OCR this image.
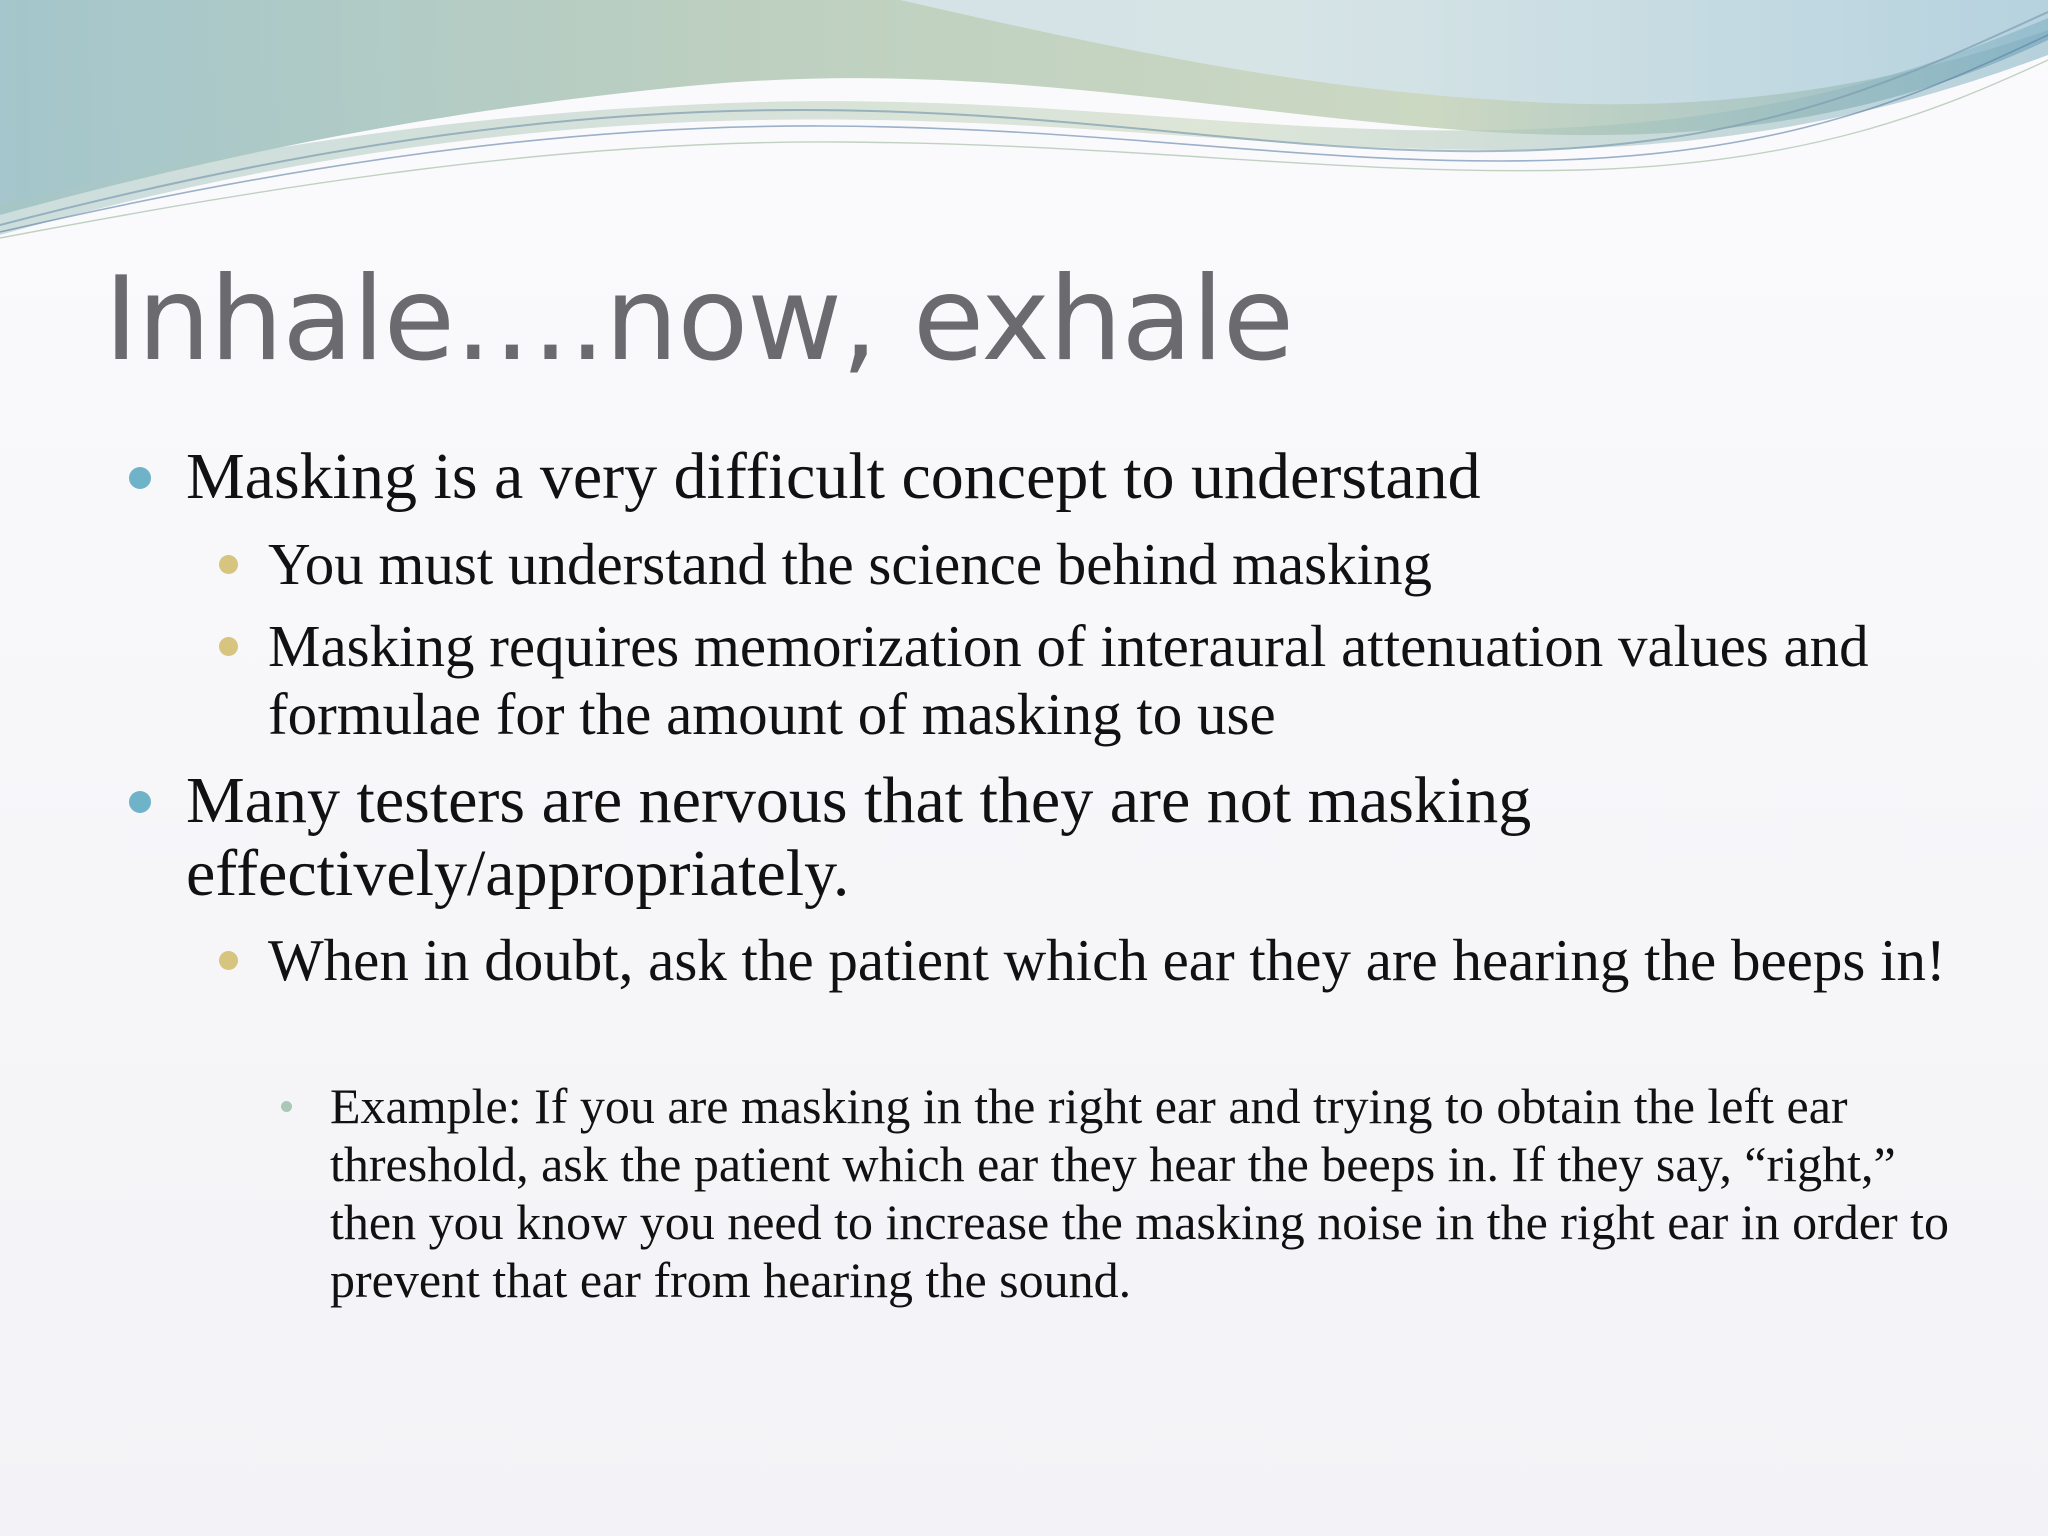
Inhale….now, exhale
Masking is a very difficult concept to understand
You must understand the science behind masking
Masking requires memorization of interaural attenuation values and formulae for the amount of masking to use
Many testers are nervous that they are not masking effectively/appropriately.
When in doubt, ask the patient which ear they are hearing the beeps in!
Example: If you are masking in the right ear and trying to obtain the left ear threshold, ask the patient which ear they hear the beeps in. If they say, “right,” then you know you need to increase the masking noise in the right ear in order to prevent that ear from hearing the sound.
